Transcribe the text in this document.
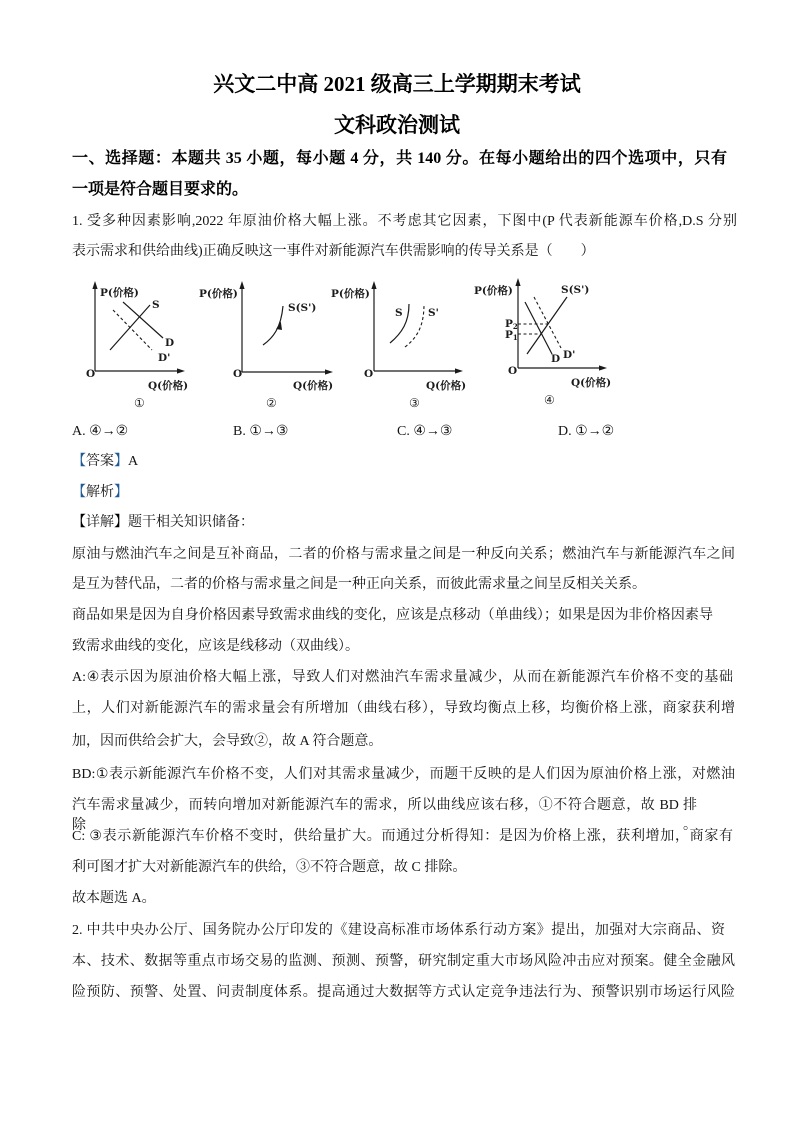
兴文二中高 2021 级高三上学期期末考试
文科政治测试
一、选择题：本题共 35 小题，每小题 4 分，共 140 分。在每小题给出的四个选项中，只有
一项是符合题目要求的。
1. 受多种因素影响,2022 年原油价格大幅上涨。不考虑其它因素，下图中(P 代表新能源车价格,D.S 分别
表示需求和供给曲线)正确反映这一事件对新能源汽车供需影响的传导关系是（　　）
P(价格)
S
D
D'
O
Q(价格)
①
P(价格)
S(S')
O
Q(价格)
②
P(价格)
S S'
O
Q(价格)
③
P(价格)	S(S')
P2
P1
D D'
O
Q(价格)
④
A. ④→②	B. ①→③	C. ④→③	D. ①→②
【答案】A
【解析】
【详解】题干相关知识储备：
原油与燃油汽车之间是互补商品，二者的价格与需求量之间是一种反向关系；燃油汽车与新能源汽车之间
是互为替代品，二者的价格与需求量之间是一种正向关系，而彼此需求量之间呈反相关关系。
商品如果是因为自身价格因素导致需求曲线的变化，应该是点移动（单曲线）；如果是因为非价格因素导
致需求曲线的变化，应该是线移动（双曲线）。
A:④表示因为原油价格大幅上涨，导致人们对燃油汽车需求量减少，从而在新能源汽车价格不变的基础
上，人们对新能源汽车的需求量会有所增加（曲线右移），导致均衡点上移，均衡价格上涨，商家获利增
加，因而供给会扩大，会导致②，故 A 符合题意。
BD:①表示新能源汽车价格不变，人们对其需求量减少，而题干反映的是人们因为原油价格上涨，对燃油
汽车需求量减少，而转向增加对新能源汽车的需求，所以曲线应该右移，①不符合题意，故 BD 排除。
C: ③表示新能源汽车价格不变时，供给量扩大。而通过分析得知：是因为价格上涨，获利增加，商家有
利可图才扩大对新能源汽车的供给，③不符合题意，故 C 排除。
故本题选 A。
2. 中共中央办公厅、国务院办公厅印发的《建设高标准市场体系行动方案》提出，加强对大宗商品、资
本、技术、数据等重点市场交易的监测、预测、预警，研究制定重大市场风险冲击应对预案。健全金融风
险预防、预警、处置、问责制度体系。提高通过大数据等方式认定竞争违法行为、预警识别市场运行风险
